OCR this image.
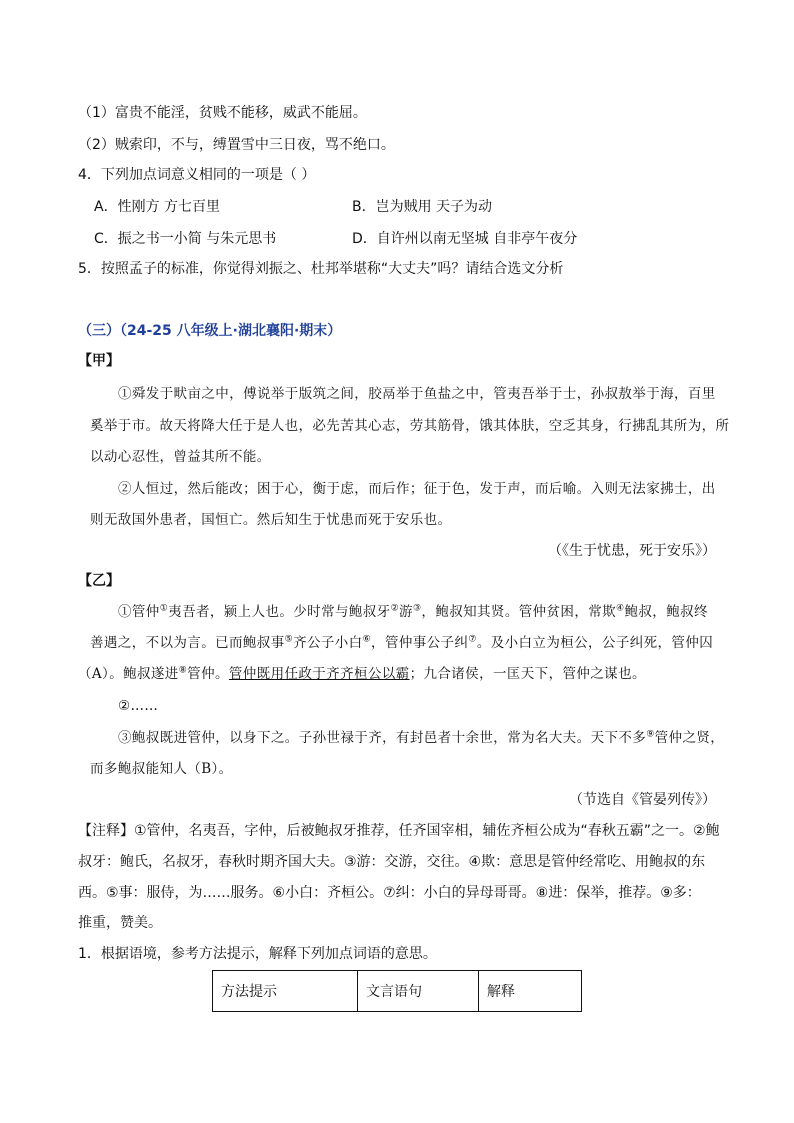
（1）富贵不能淫，贫贱不能移，威武不能屈。
（2）贼索印，不与，缚置雪中三日夜，骂不绝口。
4．下列加点词意义相同的一项是（ ）
A．性刚方 方七百里	B．岂为贼用 天子为动
C．振之书一小简 与朱元思书	D．自许州以南无坚城 自非亭午夜分
5．按照孟子的标准，你觉得刘振之、杜邦举堪称“大丈夫”吗？请结合选文分析
（三）（24-25 八年级上·湖北襄阳·期末）
【甲】
①舜发于畎亩之中，傅说举于版筑之间，胶鬲举于鱼盐之中，管夷吾举于士，孙叔敖举于海，百里
奚举于市。故天将降大任于是人也，必先苦其心志，劳其筋骨，饿其体肤，空乏其身，行拂乱其所为，所
以动心忍性，曾益其所不能。
②人恒过，然后能改；困于心，衡于虑，而后作；征于色，发于声，而后喻。入则无法家拂士，出
则无敌国外患者，国恒亡。然后知生于忧患而死于安乐也。
（《生于忧患，死于安乐》）
【乙】
①管仲①夷吾者，颍上人也。少时常与鲍叔牙②游③，鲍叔知其贤。管仲贫困，常欺④鲍叔，鲍叔终
善遇之，不以为言。已而鲍叔事⑤齐公子小白⑥，管仲事公子纠⑦。及小白立为桓公，公子纠死，管仲囚
（A）。鲍叔遂进⑧管仲。管仲既用任政于齐齐桓公以霸；九合诸侯，一匡天下，管仲之谋也。
②……
③鲍叔既进管仲，以身下之。子孙世禄于齐，有封邑者十余世，常为名大夫。天下不多⑨管仲之贤，
而多鲍叔能知人（B）。
（节选自《管晏列传》）
【注释】①管仲，名夷吾，字仲，后被鲍叔牙推荐，任齐国宰相，辅佐齐桓公成为“春秋五霸”之一。②鲍
叔牙：鲍氏，名叔牙，春秋时期齐国大夫。③游：交游，交往。④欺：意思是管仲经常吃、用鲍叔的东
西。⑤事：服侍，为……服务。⑥小白：齐桓公。⑦纠：小白的异母哥哥。⑧进：保举，推荐。⑨多：
推重，赞美。
1．根据语境，参考方法提示，解释下列加点词语的意思。
方法提示	文言语句	解释
